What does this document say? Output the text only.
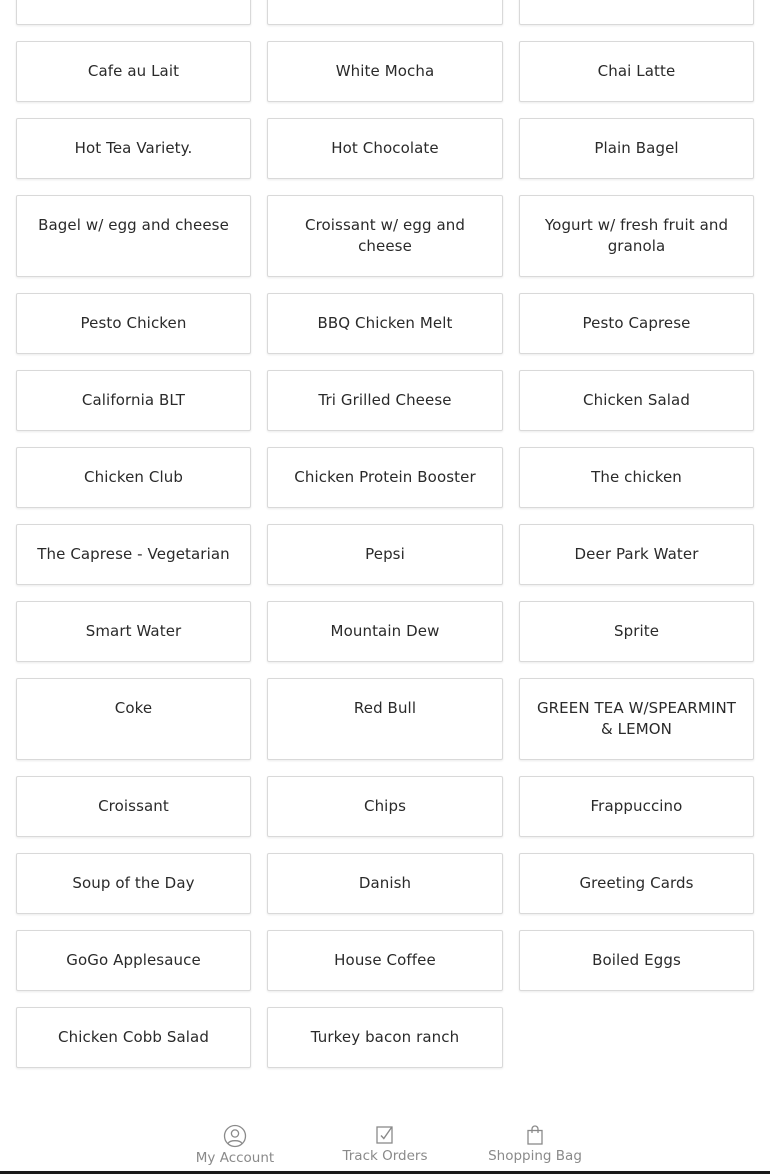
Cafe au Lait	White Mocha	Chai Latte
Hot Tea Variety.	Hot Chocolate	Plain Bagel
Bagel w/ egg and cheese	Croissant w/ egg and cheese
Yogurt w/ fresh fruit and granola
Pesto Chicken	BBQ Chicken Melt	Pesto Caprese
California BLT	Tri Grilled Cheese	Chicken Salad
Chicken Club	Chicken Protein Booster	The chicken
The Caprese - Vegetarian	Pepsi	Deer Park Water
Smart Water	Mountain Dew	Sprite
Coke	Red Bull	GREEN TEA W/SPEARMINT & LEMON
Croissant	Chips	Frappuccino
Soup of the Day	Danish	Greeting Cards
GoGo Applesauce	House Coffee	Boiled Eggs
Chicken Cobb Salad	Turkey bacon ranch
My Account	Track Orders	Shopping Bag
